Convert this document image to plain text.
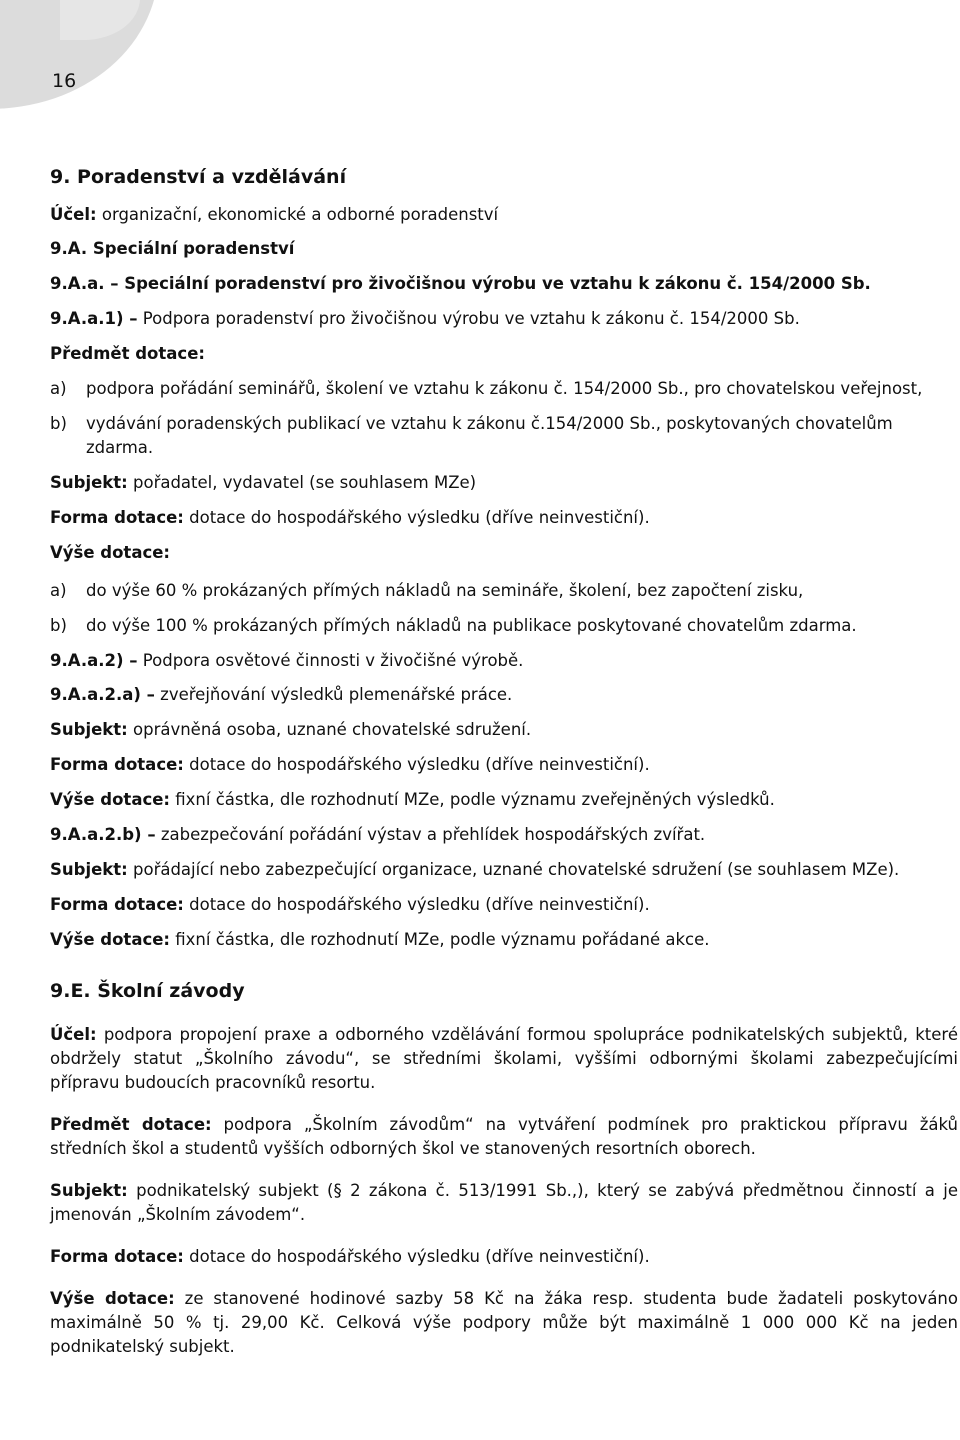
16

9. Poradenství a vzdělávání

Účel: organizační, ekonomické a odborné poradenství

9.A. Speciální poradenství

9.A.a. – Speciální poradenství pro živočišnou výrobu ve vztahu k zákonu č. 154/2000 Sb.

9.A.a.1) – Podpora poradenství pro živočišnou výrobu ve vztahu k zákonu č. 154/2000 Sb.

Předmět dotace:

a)	podpora pořádání seminářů, školení ve vztahu k zákonu č. 154/2000 Sb., pro chovatelskou veřejnost,
b)	vydávání poradenských publikací ve vztahu k zákonu č.154/2000 Sb., poskytovaných chovatelům zdarma.

Subjekt: pořadatel, vydavatel (se souhlasem MZe)

Forma dotace: dotace do hospodářského výsledku (dříve neinvestiční).

Výše dotace:

a)	do výše 60 % prokázaných přímých nákladů na semináře, školení, bez započtení zisku,
b)	do výše 100 % prokázaných přímých nákladů na publikace poskytované chovatelům zdarma.

9.A.a.2) – Podpora osvětové činnosti v živočišné výrobě.

9.A.a.2.a) – zveřejňování výsledků plemenářské práce.

Subjekt: oprávněná osoba, uznané chovatelské sdružení.

Forma dotace: dotace do hospodářského výsledku (dříve neinvestiční).

Výše dotace: fixní částka, dle rozhodnutí MZe, podle významu zveřejněných výsledků.

9.A.a.2.b) – zabezpečování pořádání výstav a přehlídek hospodářských zvířat.

Subjekt: pořádající nebo zabezpečující organizace, uznané chovatelské sdružení (se souhlasem MZe).

Forma dotace: dotace do hospodářského výsledku (dříve neinvestiční).

Výše dotace: fixní částka, dle rozhodnutí MZe, podle významu pořádané akce.

9.E. Školní závody

Účel: podpora propojení praxe a odborného vzdělávání formou spolupráce podnikatelských subjektů, které obdržely statut „Školního závodu“, se středními školami, vyššími odbornými školami zabezpečujícími přípravu budoucích pracovníků resortu.

Předmět dotace: podpora „Školním závodům“ na vytváření podmínek pro praktickou přípravu žáků středních škol a studentů vyšších odborných škol ve stanovených resortních oborech.

Subjekt: podnikatelský subjekt (§ 2 zákona č. 513/1991 Sb.,), který se zabývá předmětnou činností a je jmenován „Školním závodem“.

Forma dotace: dotace do hospodářského výsledku (dříve neinvestiční).

Výše dotace: ze stanovené hodinové sazby 58 Kč na žáka resp. studenta bude žadateli poskytováno maximálně 50 % tj. 29,00 Kč. Celková výše podpory může být maximálně 1 000 000 Kč na jeden podnikatelský subjekt.
